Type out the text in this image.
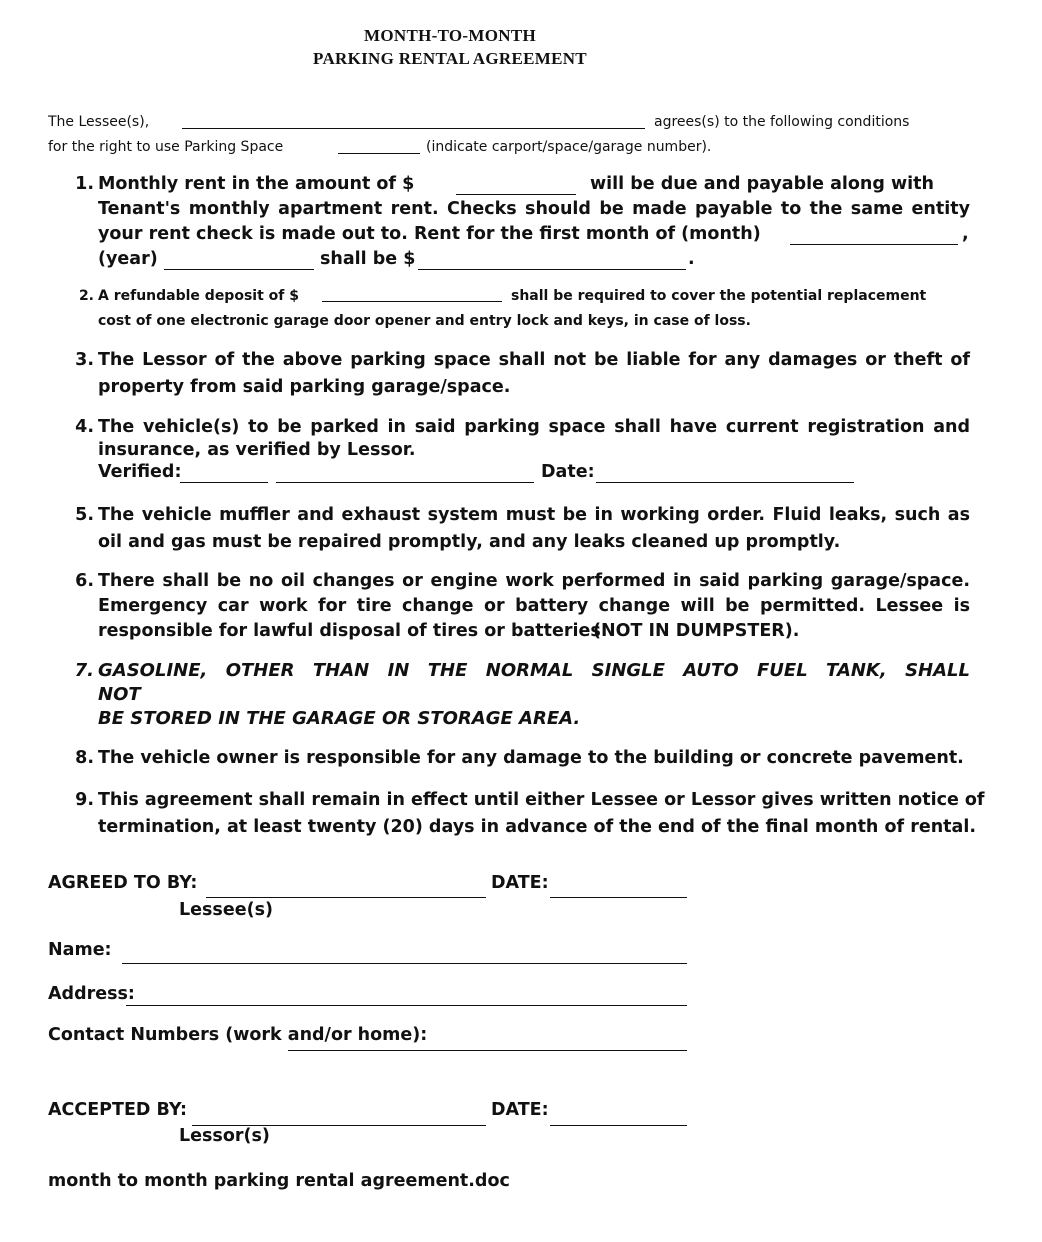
MONTH-TO-MONTH
PARKING RENTAL AGREEMENT
The Lessee(s),	agrees(s) to the following conditions
for the right to use Parking Space	(indicate carport/space/garage number).
1. Monthly rent in the amount of $	will be due and payable along with
Tenant's monthly apartment rent. Checks should be made payable to the same entity
your rent check is made out to. Rent for the first month of (month)	,
(year)	shall be $	.
2. A refundable deposit of $	shall be required to cover the potential replacement
cost of one electronic garage door opener and entry lock and keys, in case of loss.
3. The Lessor of the above parking space shall not be liable for any damages or theft of
property from said parking garage/space.
4. The vehicle(s) to be parked in said parking space shall have current registration and
insurance, as verified by Lessor.
Verified:	Date:
5. The vehicle muffler and exhaust system must be in working order. Fluid leaks, such as
oil and gas must be repaired promptly, and any leaks cleaned up promptly.
6. There shall be no oil changes or engine work performed in said parking garage/space.
Emergency car work for tire change or battery change will be permitted. Lessee is
responsible for lawful disposal of tires or batteries
(NOT IN DUMPSTER).
7. GASOLINE, OTHER THAN IN THE NORMAL SINGLE AUTO FUEL TANK, SHALL
NOT
BE STORED IN THE GARAGE OR STORAGE AREA.
8. The vehicle owner is responsible for any damage to the building or concrete pavement.
9. This agreement shall remain in effect until either Lessee or Lessor gives written notice of
termination, at least twenty (20) days in advance of the end of the final month of rental.
AGREED TO BY:	DATE:
Lessee(s)
Name:
Address:
Contact Numbers (work and/or home):
ACCEPTED BY:	DATE:
Lessor(s)
month to month parking rental agreement.doc
